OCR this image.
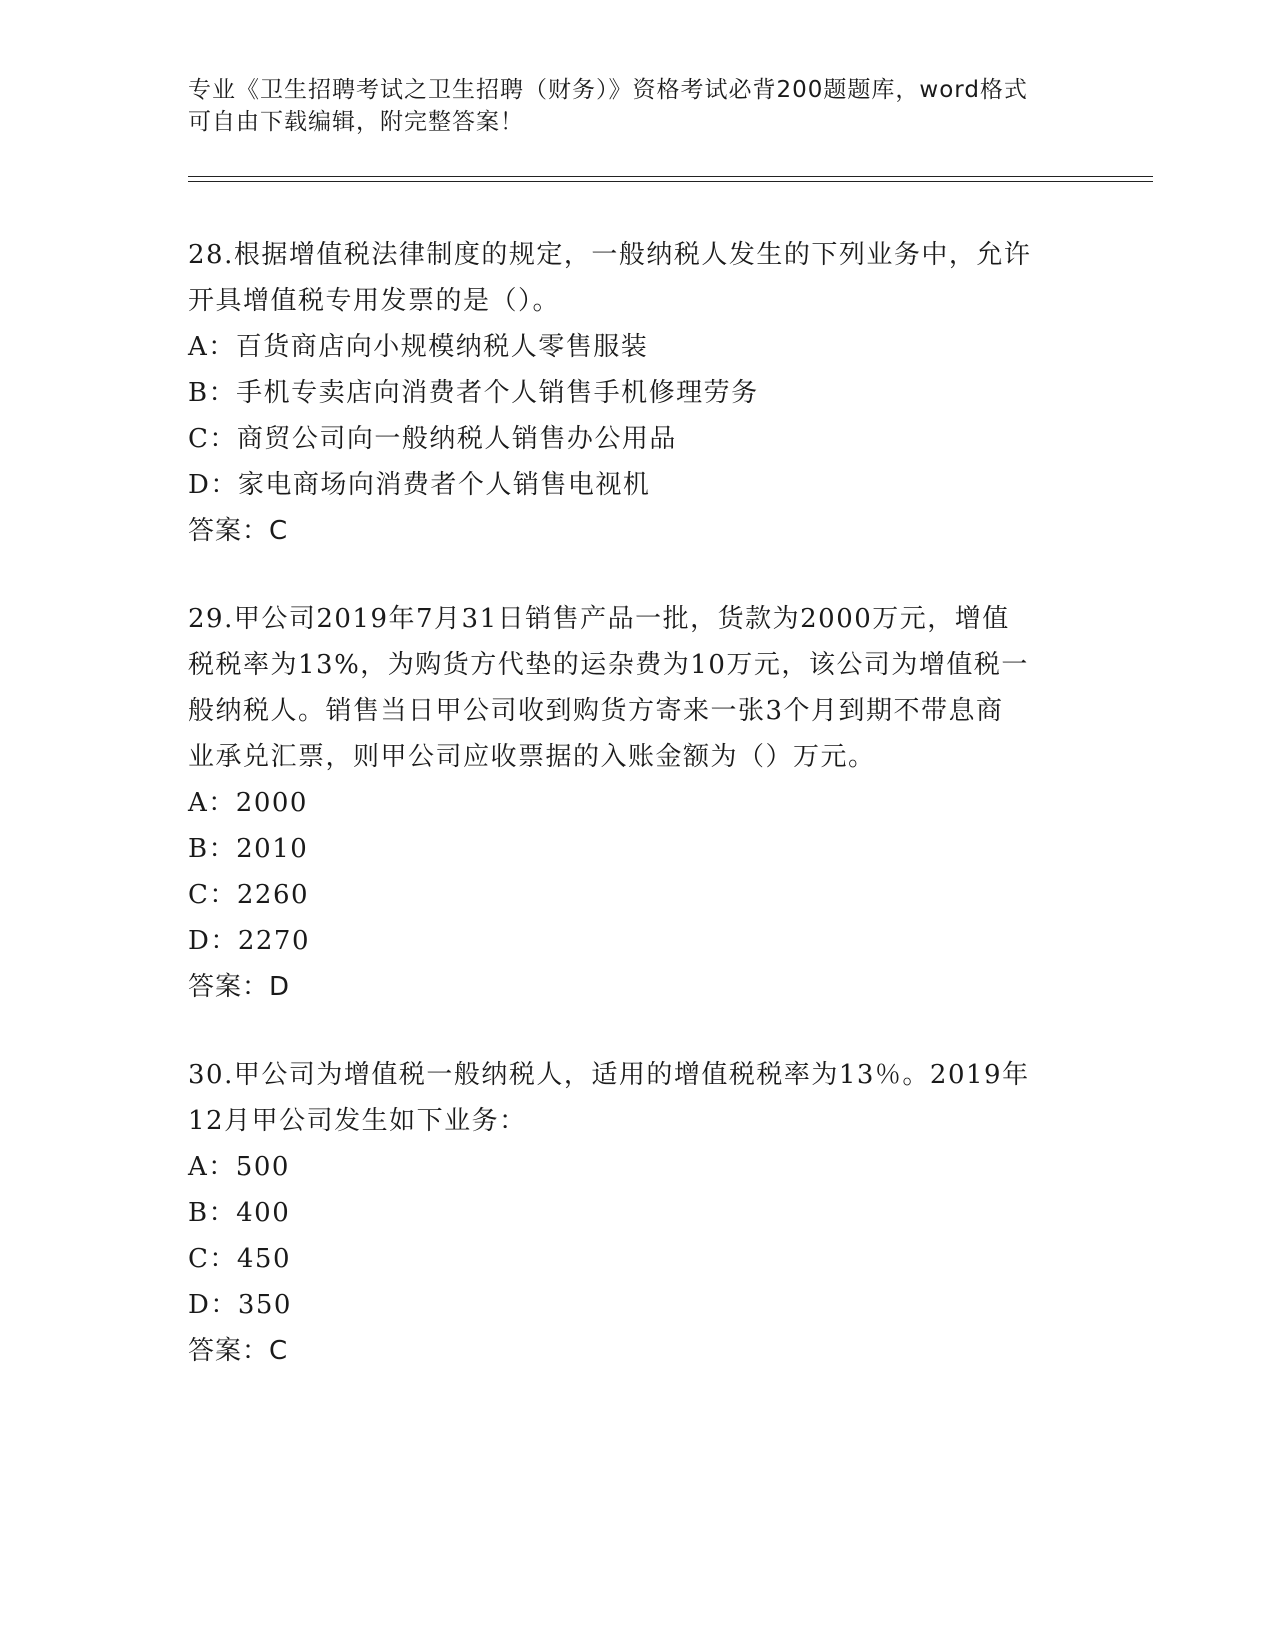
专业《卫生招聘考试之卫生招聘（财务）》资格考试必背200题题库，word格式
可自由下载编辑，附完整答案！
28.根据增值税法律制度的规定，一般纳税人发生的下列业务中，允许
开具增值税专用发票的是（）。
A：百货商店向小规模纳税人零售服装
B：手机专卖店向消费者个人销售手机修理劳务
C：商贸公司向一般纳税人销售办公用品
D：家电商场向消费者个人销售电视机
答案：C
29.甲公司2019年7月31日销售产品一批，货款为2000万元，增值
税税率为13%，为购货方代垫的运杂费为10万元，该公司为增值税一
般纳税人。销售当日甲公司收到购货方寄来一张3个月到期不带息商
业承兑汇票，则甲公司应收票据的入账金额为（）万元。
A：2000
B：2010
C：2260
D：2270
答案：D
30.甲公司为增值税一般纳税人，适用的增值税税率为13％。2019年
12月甲公司发生如下业务：
A：500
B：400
C：450
D：350
答案：C
